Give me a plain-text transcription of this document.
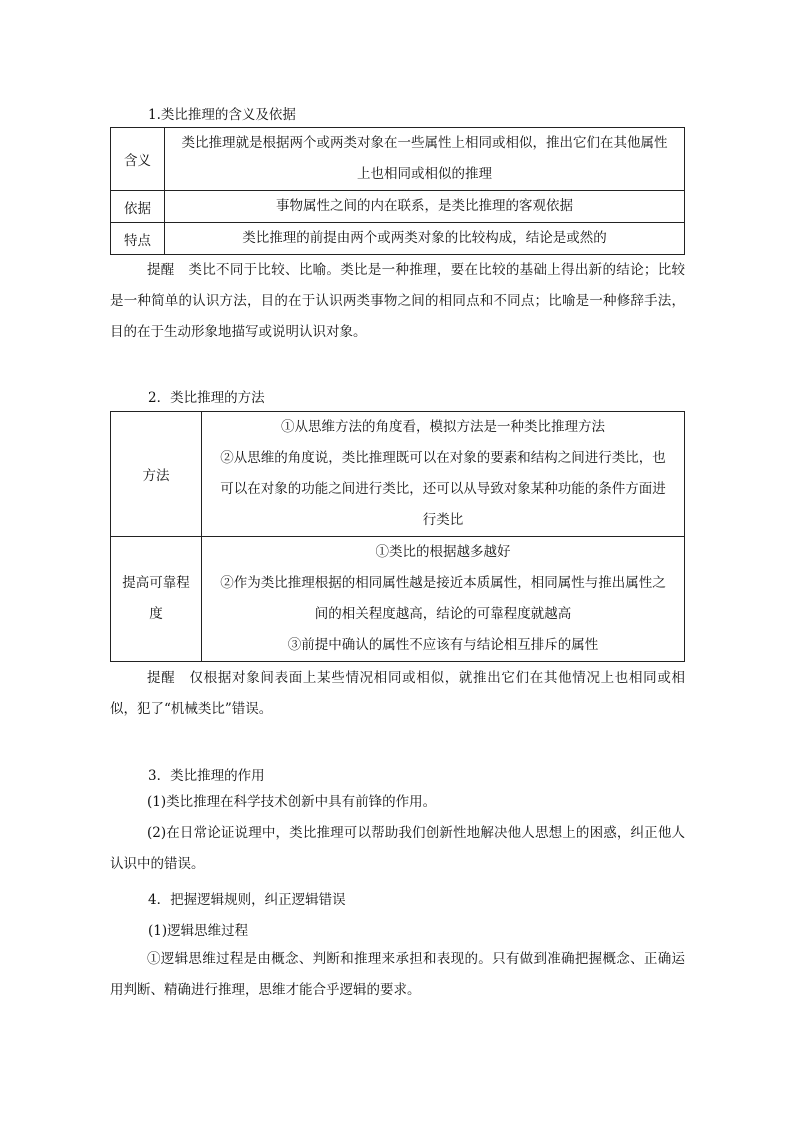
1.类比推理的含义及依据
含义	类比推理就是根据两个或两类对象在一些属性上相同或相似，推出它们在其他属性
上也相同或相似的推理

依据	事物属性之间的内在联系，是类比推理的客观依据

特点	类比推理的前提由两个或两类对象的比较构成，结论是或然的
提醒　类比不同于比较、比喻。类比是一种推理，要在比较的基础上得出新的结论；比较是一种简单的认识方法，目的在于认识两类事物之间的相同点和不同点；比喻是一种修辞手法，目的在于生动形象地描写或说明认识对象。
2．类比推理的方法
方法	①从思维方法的角度看，模拟方法是一种类比推理方法
②从思维的角度说，类比推理既可以在对象的要素和结构之间进行类比，也
可以在对象的功能之间进行类比，还可以从导致对象某种功能的条件方面进
行类比

提高可靠程度	①类比的根据越多越好
②作为类比推理根据的相同属性越是接近本质属性，相同属性与推出属性之
间的相关程度越高，结论的可靠程度就越高
③前提中确认的属性不应该有与结论相互排斥的属性
提醒　仅根据对象间表面上某些情况相同或相似，就推出它们在其他情况上也相同或相似，犯了“机械类比”错误。
3．类比推理的作用
(1)类比推理在科学技术创新中具有前锋的作用。
(2)在日常论证说理中，类比推理可以帮助我们创新性地解决他人思想上的困惑，纠正他人认识中的错误。
4．把握逻辑规则，纠正逻辑错误
(1)逻辑思维过程
①逻辑思维过程是由概念、判断和推理来承担和表现的。只有做到准确把握概念、正确运用判断、精确进行推理，思维才能合乎逻辑的要求。
